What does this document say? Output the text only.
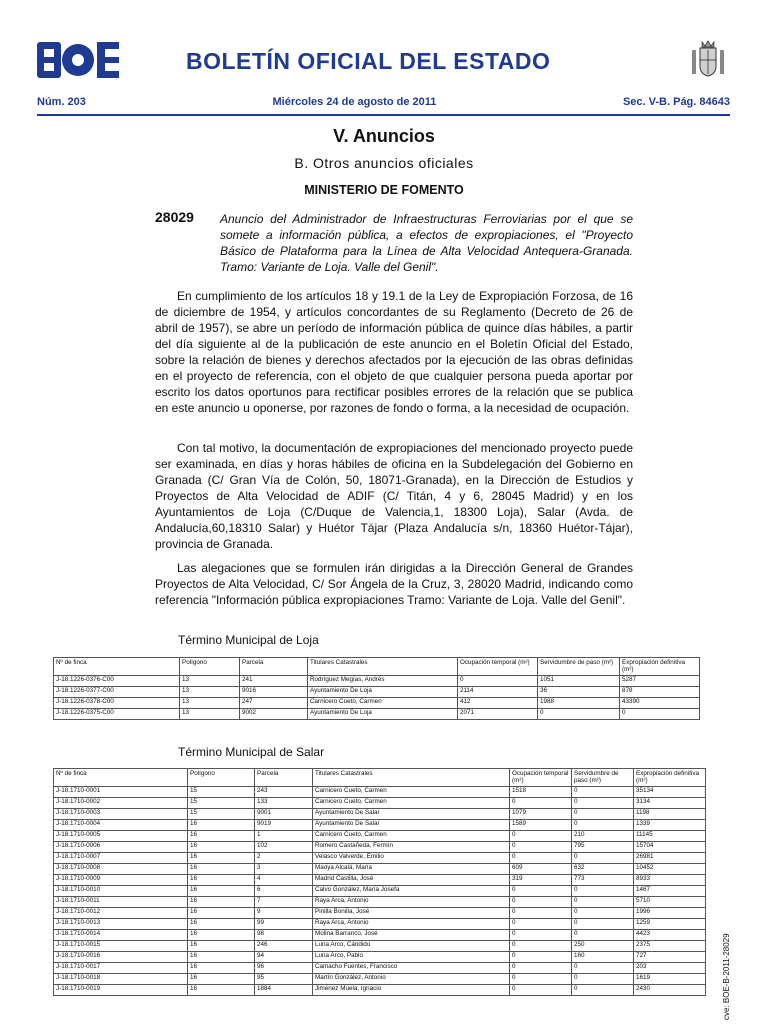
BOLETÍN OFICIAL DEL ESTADO
Núm. 203	Miércoles 24 de agosto de 2011	Sec. V-B. Pág. 84643
V. Anuncios
B. Otros anuncios oficiales
MINISTERIO DE FOMENTO
28029 Anuncio del Administrador de Infraestructuras Ferroviarias por el que se somete a información pública, a efectos de expropiaciones, el "Proyecto Básico de Plataforma para la Línea de Alta Velocidad Antequera-Granada. Tramo: Variante de Loja. Valle del Genil".

En cumplimiento de los artículos 18 y 19.1 de la Ley de Expropiación Forzosa, de 16 de diciembre de 1954, y artículos concordantes de su Reglamento (Decreto de 26 de abril de 1957), se abre un período de información pública de quince días hábiles, a partir del día siguiente al de la publicación de este anuncio en el Boletín Oficial del Estado, sobre la relación de bienes y derechos afectados por la ejecución de las obras definidas en el proyecto de referencia, con el objeto de que cualquier persona pueda aportar por escrito los datos oportunos para rectificar posibles errores de la relación que se publica en este anuncio u oponerse, por razones de fondo o forma, a la necesidad de ocupación.

Con tal motivo, la documentación de expropiaciones del mencionado proyecto puede ser examinada, en días y horas hábiles de oficina en la Subdelegación del Gobierno en Granada (C/ Gran Vía de Colón, 50, 18071-Granada), en la Dirección de Estudios y Proyectos de Alta Velocidad de ADIF (C/ Titán, 4 y 6, 28045 Madrid) y en los Ayuntamientos de Loja (C/Duque de Valencia,1, 18300 Loja), Salar (Avda. de Andalucía,60,18310 Salar) y Huétor Tájar (Plaza Andalucía s/n, 18360 Huétor-Tájar), provincia de Granada.

Las alegaciones que se formulen irán dirigidas a la Dirección General de Grandes Proyectos de Alta Velocidad, C/ Sor Ángela de la Cruz, 3, 28020 Madrid, indicando como referencia "Información pública expropiaciones Tramo: Variante de Loja. Valle del Genil".

Término Municipal de Loja
Nº de finca	Polígono	Parcela	Titulares Catastrales	Ocupación temporal (m²)	Servidumbre de paso (m²)	Expropiación definitiva (m²)
J-18.1226-0376-C00	13	241	Rodríguez Megías, Andrés	0	1051	5287
J-18.1226-0377-C00	13	9016	Ayuntamiento De Loja	2114	36	878
J-18.1226-0378-C00	13	247	Carnicero Cueto, Carmen	412	1988	43390
J-18.1226-0375-C00	13	9002	Ayuntamiento De Loja	2071	0	0
Término Municipal de Salar
Nº de finca	Polígono	Parcela	Titulares Catastrales	Ocupación temporal (m²)	Servidumbre de paso (m²)	Expropiación definitiva (m²)
J-18.1710-0001	15	243	Carnicero Cueto, Carmen	1518	0	35134
J-18.1710-0002	15	133	Carnicero Cueto, Carmen	0	0	3134
J-18.1710-0003	15	9001	Ayuntamiento De Salar	1079	0	1198
J-18.1710-0004	16	9019	Ayuntamiento De Salar	1589	0	1339
J-18.1710-0005	16	1	Carnicero Cueto, Carmen	0	210	11145
J-18.1710-0006	16	102	Romero Castañeda, Fermín	0	795	15704
J-18.1710-0007	16	2	Velasco Valverde, Emilio	0	0	26981
J-18.1710-0008	16	3	Maoya Alcalá, María	609	632	10452
J-18.1710-0009	16	4	Madrid Castilla, José	319	773	8933
J-18.1710-0010	16	6	Calvo González, María Josefa	0	0	1467
J-18.1710-0011	16	7	Raya Arca, Antonio	0	0	5710
J-18.1710-0012	16	9	Pinilla Bonilla, José	0	0	1996
J-18.1710-0013	16	99	Raya Arca, Antonio	0	0	1259
J-18.1710-0014	16	98	Molina Barranco, José	0	0	4423
J-18.1710-0015	16	246	Luna Arco, Cándido	0	250	2375
J-18.1710-0016	16	94	Luna Arco, Pablo	0	160	727
J-18.1710-0017	16	96	Camacho Fuentes, Francisco	0	0	203
J-18.1710-0018	16	95	Martín González, Antonio	0	0	1619
J-18.1710-0019	16	1884	Jiménez Muela, Ignacio	0	0	2430	cve: BOE-B-2011-28029
